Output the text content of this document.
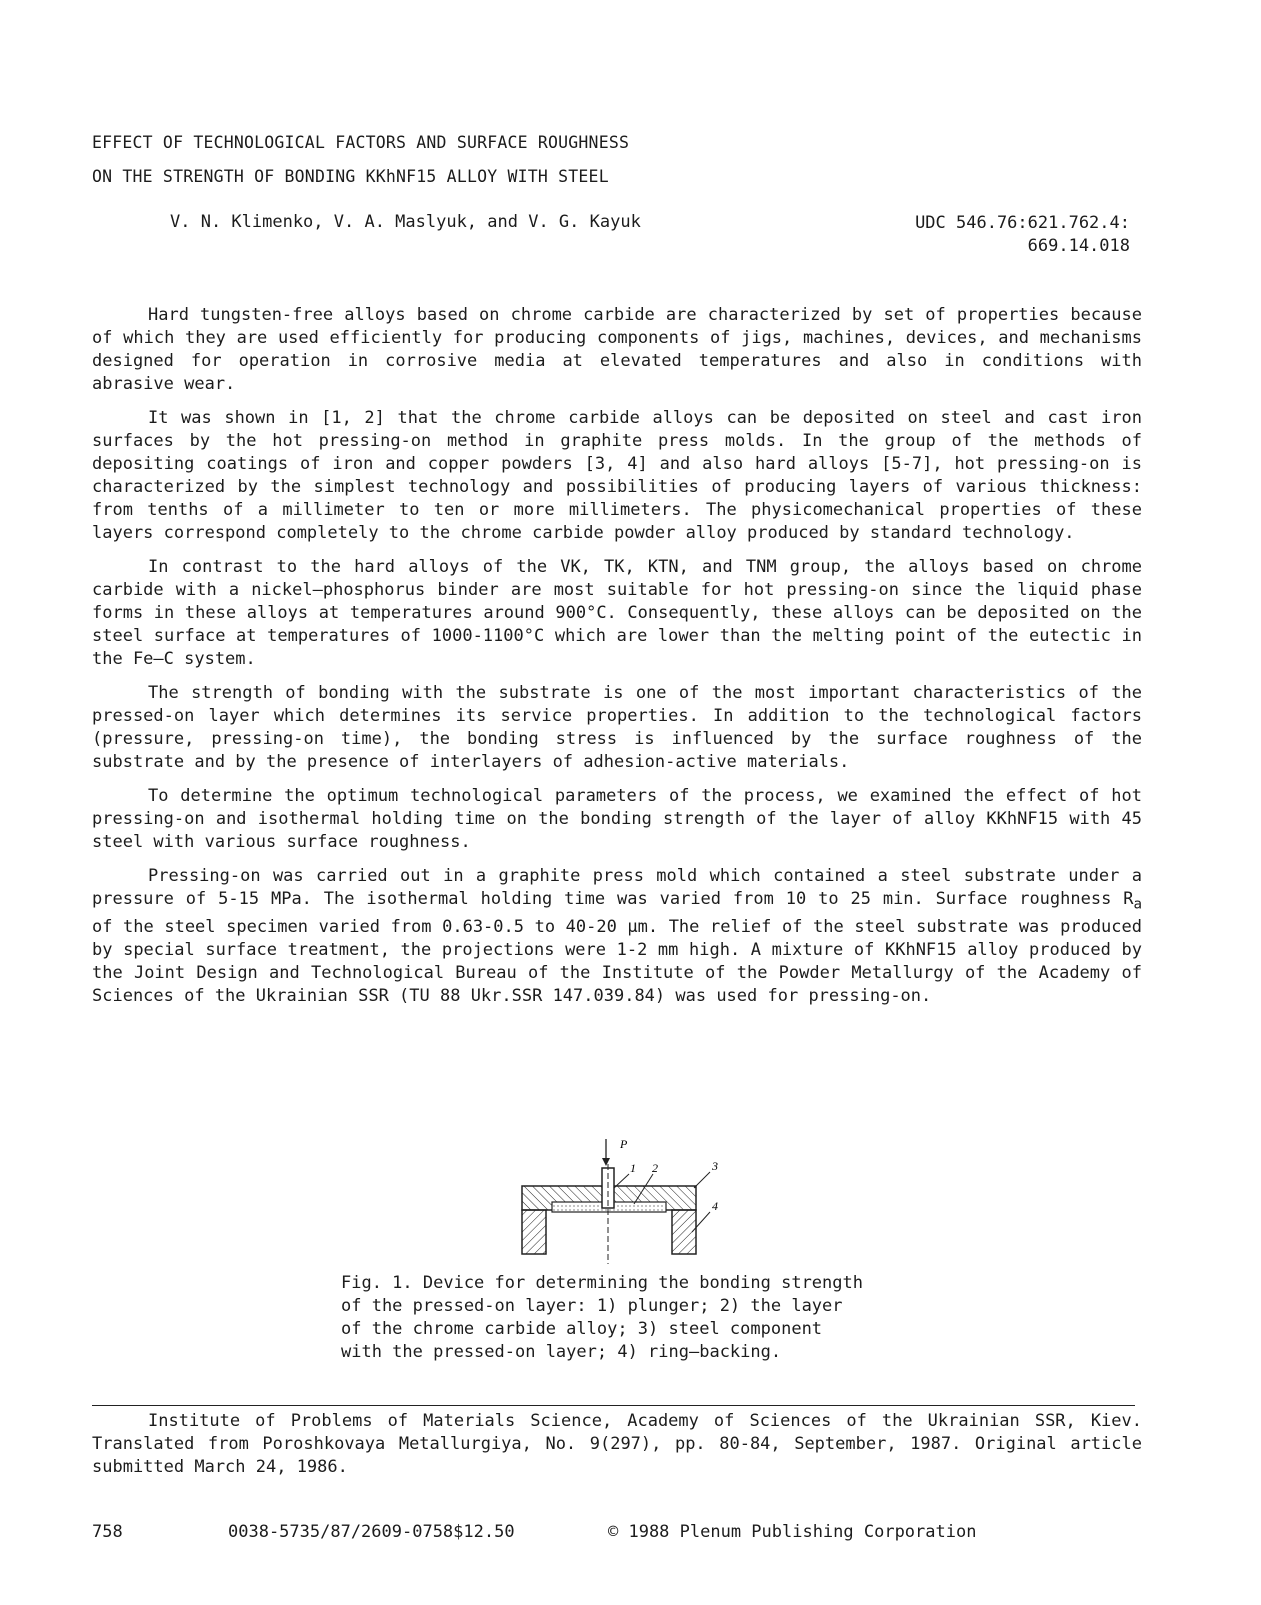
EFFECT OF TECHNOLOGICAL FACTORS AND SURFACE ROUGHNESS
ON THE STRENGTH OF BONDING KKhNF15 ALLOY WITH STEEL
V. N. Klimenko, V. A. Maslyuk, and V. G. Kayuk	UDC 546.76:621.762.4:
669.14.018

Hard tungsten-free alloys based on chrome carbide are characterized by set of properties because of which they are used efficiently for producing components of jigs, machines, devices, and mechanisms designed for operation in corrosive media at elevated temperatures and also in conditions with abrasive wear.

It was shown in [1, 2] that the chrome carbide alloys can be deposited on steel and cast iron surfaces by the hot pressing-on method in graphite press molds. In the group of the methods of depositing coatings of iron and copper powders [3, 4] and also hard alloys [5-7], hot pressing-on is characterized by the simplest technology and possibilities of producing layers of various thickness: from tenths of a millimeter to ten or more millimeters. The physicomechanical properties of these layers correspond completely to the chrome carbide powder alloy produced by standard technology.

In contrast to the hard alloys of the VK, TK, KTN, and TNM group, the alloys based on chrome carbide with a nickel–phosphorus binder are most suitable for hot pressing-on since the liquid phase forms in these alloys at temperatures around 900°C. Consequently, these alloys can be deposited on the steel surface at temperatures of 1000-1100°C which are lower than the melting point of the eutectic in the Fe–C system.

The strength of bonding with the substrate is one of the most important characteristics of the pressed-on layer which determines its service properties. In addition to the technological factors (pressure, pressing-on time), the bonding stress is influenced by the surface roughness of the substrate and by the presence of interlayers of adhesion-active materials.

To determine the optimum technological parameters of the process, we examined the effect of hot pressing-on and isothermal holding time on the bonding strength of the layer of alloy KKhNF15 with 45 steel with various surface roughness.

Pressing-on was carried out in a graphite press mold which contained a steel substrate under a pressure of 5-15 MPa. The isothermal holding time was varied from 10 to 25 min. Surface roughness $R_a$ of the steel specimen varied from 0.63-0.5 to 40-20 μm. The relief of the steel substrate was produced by special surface treatment, the projections were 1-2 mm high. A mixture of KKhNF15 alloy produced by the Joint Design and Technological Bureau of the Institute of the Powder Metallurgy of the Academy of Sciences of the Ukrainian SSR (TU 88 Ukr.SSR 147.039.84) was used for pressing-on.

P
1 2	3
4
Fig. 1. Device for determining the bonding strength of the pressed-on layer: 1) plunger; 2) the layer of the chrome carbide alloy; 3) steel component with the pressed-on layer; 4) ring–backing.

Institute of Problems of Materials Science, Academy of Sciences of the Ukrainian SSR, Kiev. Translated from Poroshkovaya Metallurgiya, No. 9(297), pp. 80-84, September, 1987. Original article submitted March 24, 1986.

758	0038-5735/87/2609-0758$12.50	© 1988 Plenum Publishing Corporation
